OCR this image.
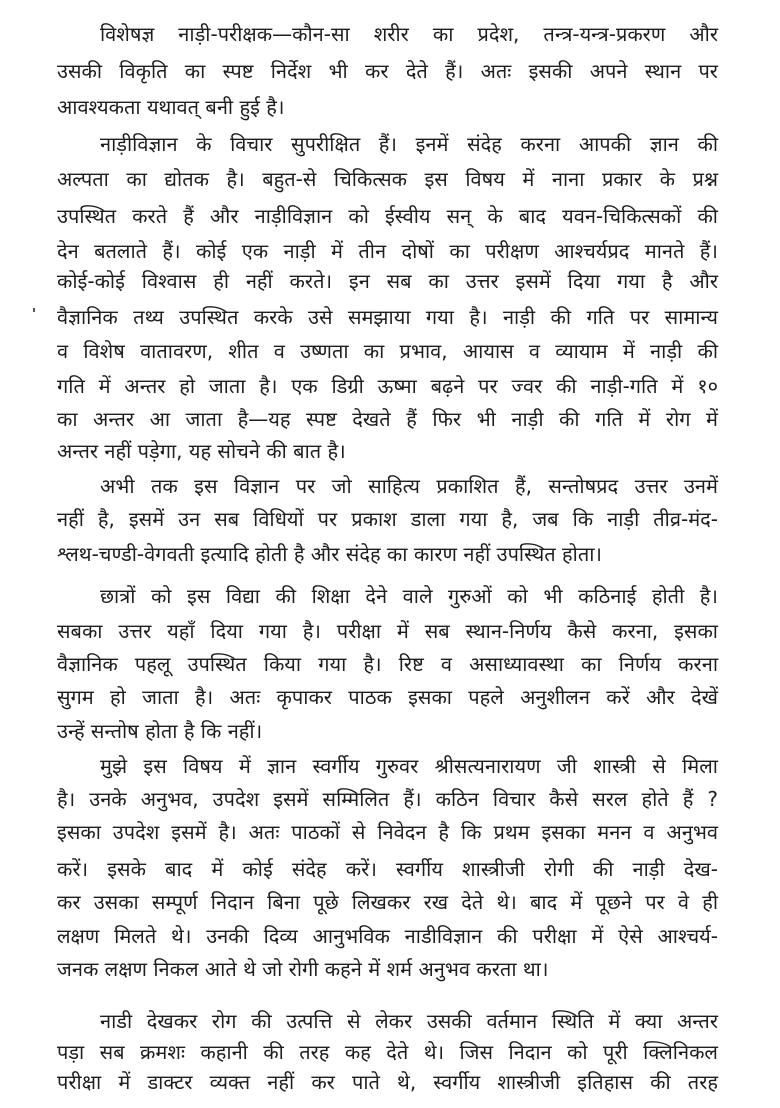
विशेषज्ञ नाड़ी-परीक्षक—कौन-सा शरीर का प्रदेश, तन्त्र-यन्त्र-प्रकरण और
उसकी विकृति का स्पष्ट निर्देश भी कर देते हैं। अतः इसकी अपने स्थान पर
आवश्यकता यथावत् बनी हुई है।
नाड़ीविज्ञान के विचार सुपरीक्षित हैं। इनमें संदेह करना आपकी ज्ञान की
अल्पता का द्योतक है। बहुत-से चिकित्सक इस विषय में नाना प्रकार के प्रश्न
उपस्थित करते हैं और नाड़ीविज्ञान को ईस्वीय सन् के बाद यवन-चिकित्सकों की
देन बतलाते हैं। कोई एक नाड़ी में तीन दोषों का परीक्षण आश्चर्यप्रद मानते हैं।
कोई-कोई विश्वास ही नहीं करते। इन सब का उत्तर इसमें दिया गया है और
वैज्ञानिक तथ्य उपस्थित करके उसे समझाया गया है। नाड़ी की गति पर सामान्य
व विशेष वातावरण, शीत व उष्णता का प्रभाव, आयास व व्यायाम में नाड़ी की
गति में अन्तर हो जाता है। एक डिग्री ऊष्मा बढ़ने पर ज्वर की नाड़ी-गति में १०
का अन्तर आ जाता है—यह स्पष्ट देखते हैं फिर भी नाड़ी की गति में रोग में
अन्तर नहीं पड़ेगा, यह सोचने की बात है।
अभी तक इस विज्ञान पर जो साहित्य प्रकाशित हैं, सन्तोषप्रद उत्तर उनमें
नहीं है, इसमें उन सब विधियों पर प्रकाश डाला गया है, जब कि नाड़ी तीव्र-मंद-
श्लथ-चण्डी-वेगवती इत्यादि होती है और संदेह का कारण नहीं उपस्थित होता।
छात्रों को इस विद्या की शिक्षा देने वाले गुरुओं को भी कठिनाई होती है।
सबका उत्तर यहाँ दिया गया है। परीक्षा में सब स्थान-निर्णय कैसे करना, इसका
वैज्ञानिक पहलू उपस्थित किया गया है। रिष्ट व असाध्यावस्था का निर्णय करना
सुगम हो जाता है। अतः कृपाकर पाठक इसका पहले अनुशीलन करें और देखें
उन्हें सन्तोष होता है कि नहीं।
मुझे इस विषय में ज्ञान स्वर्गीय गुरुवर श्रीसत्यनारायण जी शास्त्री से मिला
है। उनके अनुभव, उपदेश इसमें सम्मिलित हैं। कठिन विचार कैसे सरल होते हैं ?
इसका उपदेश इसमें है। अतः पाठकों से निवेदन है कि प्रथम इसका मनन व अनुभव
करें। इसके बाद में कोई संदेह करें। स्वर्गीय शास्त्रीजी रोगी की नाड़ी देख-
कर उसका सम्पूर्ण निदान बिना पूछे लिखकर रख देते थे। बाद में पूछने पर वे ही
लक्षण मिलते थे। उनकी दिव्य आनुभविक नाडीविज्ञान की परीक्षा में ऐसे आश्चर्य-
जनक लक्षण निकल आते थे जो रोगी कहने में शर्म अनुभव करता था।
नाडी देखकर रोग की उत्पत्ति से लेकर उसकी वर्तमान स्थिति में क्या अन्तर
पड़ा सब क्रमशः कहानी की तरह कह देते थे। जिस निदान को पूरी क्लिनिकल
परीक्षा में डाक्टर व्यक्त नहीं कर पाते थे, स्वर्गीय शास्त्रीजी इतिहास की तरह
